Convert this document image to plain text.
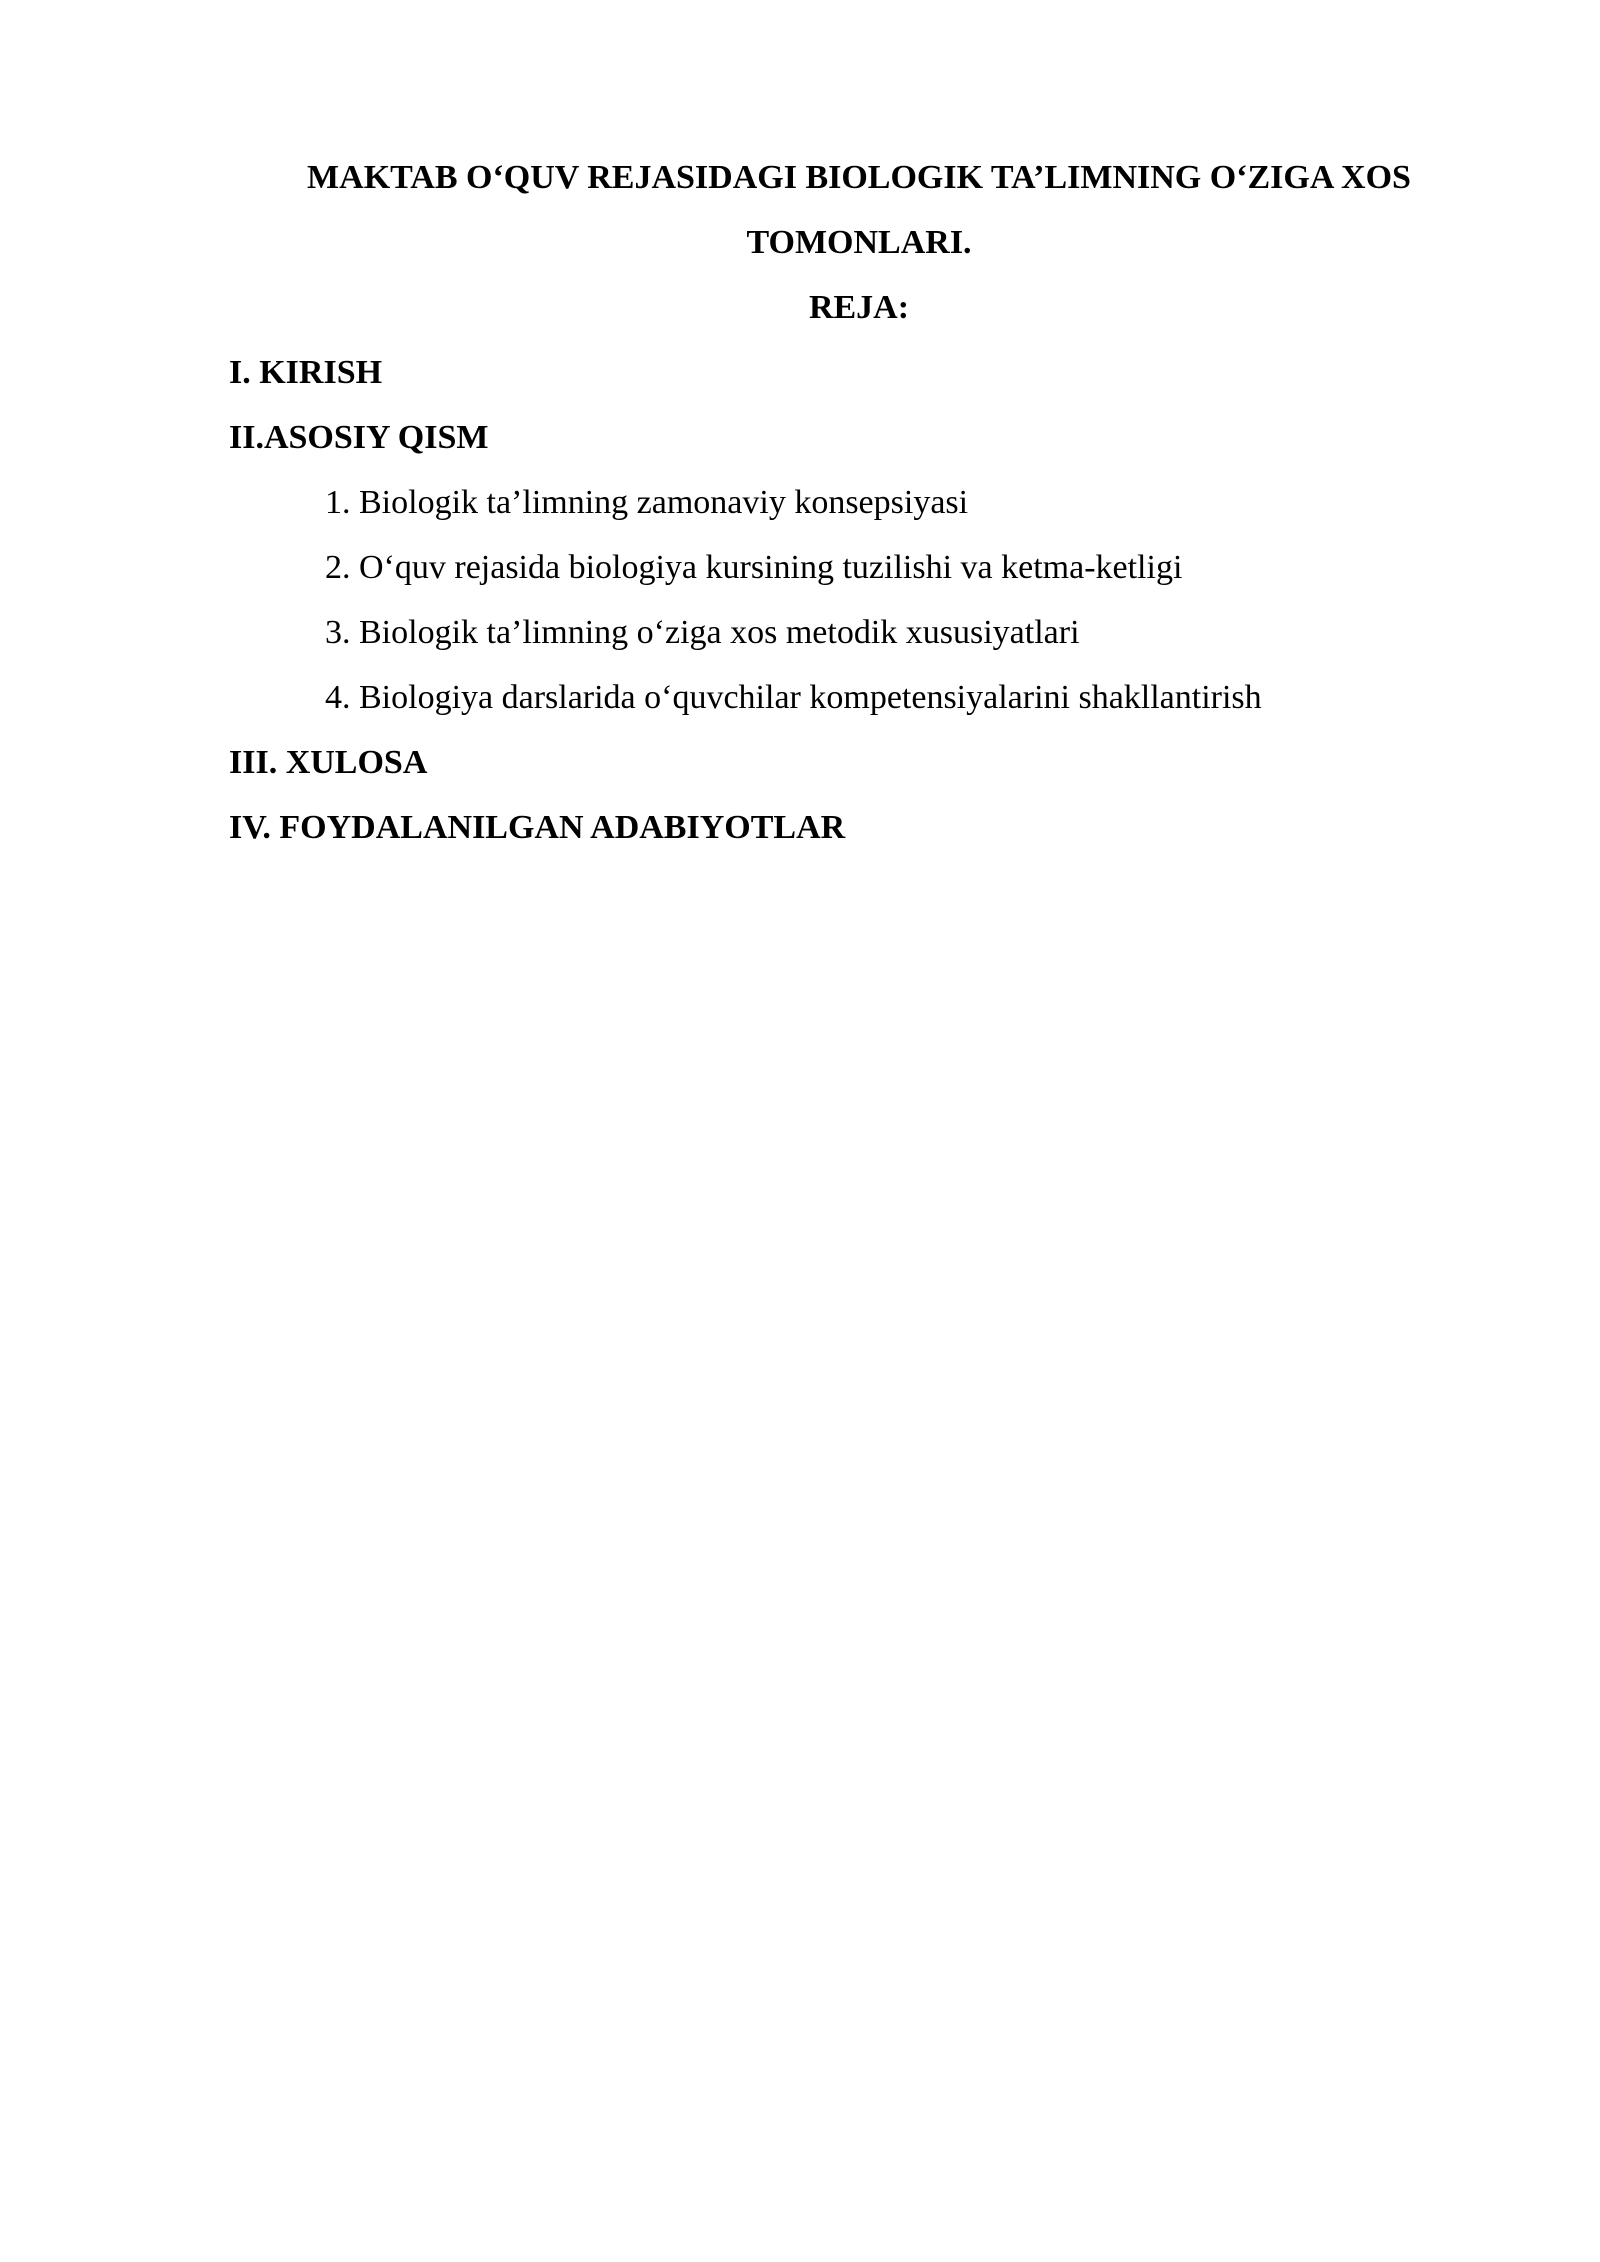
MAKTAB O‘QUV REJASIDAGI BIOLOGIK TA’LIMNING O‘ZIGA XOS
TOMONLARI.
REJA:
I. KIRISH
II.ASOSIY QISM
1. Biologik ta’limning zamonaviy konsepsiyasi
2. O‘quv rejasida biologiya kursining tuzilishi va ketma-ketligi
3. Biologik ta’limning o‘ziga xos metodik xususiyatlari
4. Biologiya darslarida o‘quvchilar kompetensiyalarini shakllantirish
III. XULOSA
IV. FOYDALANILGAN ADABIYOTLAR
